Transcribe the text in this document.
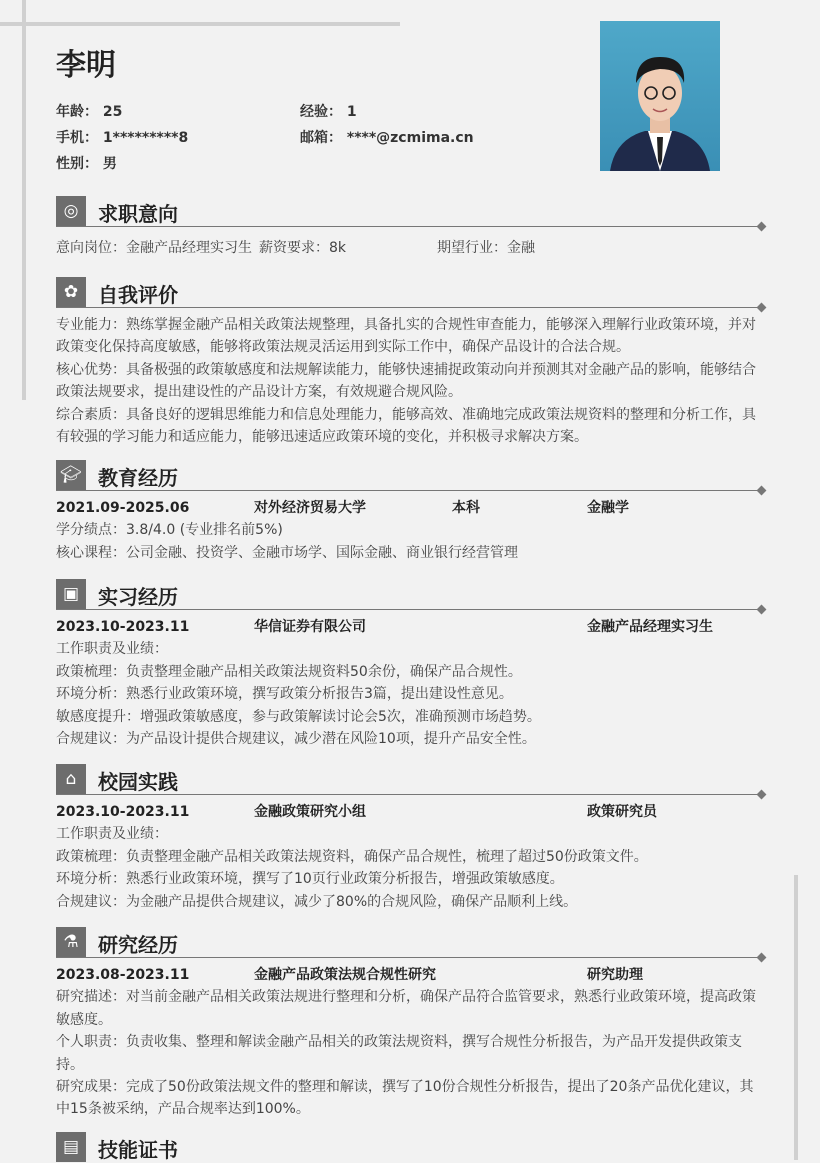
李明
年龄： 25	经验： 1
手机： 1*********8	邮箱： ****@zcmima.cn
性别： 男
◎ 求职意向
意向岗位：金融产品经理实习生 薪资要求：8k	期望行业：金融
✿ 自我评价
专业能力：熟练掌握金融产品相关政策法规整理，具备扎实的合规性审查能力，能够深入理解行业政策环境，并对政策变化保持高度敏感，能够将政策法规灵活运用到实际工作中，确保产品设计的合法合规。
核心优势：具备极强的政策敏感度和法规解读能力，能够快速捕捉政策动向并预测其对金融产品的影响，能够结合政策法规要求，提出建设性的产品设计方案，有效规避合规风险。
综合素质：具备良好的逻辑思维能力和信息处理能力，能够高效、准确地完成政策法规资料的整理和分析工作，具有较强的学习能力和适应能力，能够迅速适应政策环境的变化，并积极寻求解决方案。
🎓︎ 教育经历
2021.09-2025.06	对外经济贸易大学	本科	金融学
学分绩点：3.8/4.0 (专业排名前5%)
核心课程：公司金融、投资学、金融市场学、国际金融、商业银行经营管理
▣ 实习经历
2023.10-2023.11	华信证券有限公司	金融产品经理实习生
工作职责及业绩：
政策梳理：负责整理金融产品相关政策法规资料50余份，确保产品合规性。
环境分析：熟悉行业政策环境，撰写政策分析报告3篇，提出建设性意见。
敏感度提升：增强政策敏感度，参与政策解读讨论会5次，准确预测市场趋势。
合规建议：为产品设计提供合规建议，减少潜在风险10项，提升产品安全性。
⌂	校园实践
2023.10-2023.11	金融政策研究小组	政策研究员
工作职责及业绩：
政策梳理：负责整理金融产品相关政策法规资料，确保产品合规性，梳理了超过50份政策文件。
环境分析：熟悉行业政策环境，撰写了10页行业政策分析报告，增强政策敏感度。
合规建议：为金融产品提供合规建议，减少了80%的合规风险，确保产品顺利上线。
⚗ 研究经历
2023.08-2023.11	金融产品政策法规合规性研究	研究助理
研究描述：对当前金融产品相关政策法规进行整理和分析，确保产品符合监管要求，熟悉行业政策环境，提高政策敏感度。
个人职责：负责收集、整理和解读金融产品相关的政策法规资料，撰写合规性分析报告，为产品开发提供政策支持。
研究成果：完成了50份政策法规文件的整理和解读，撰写了10份合规性分析报告，提出了20条产品优化建议，其中15条被采纳，产品合规率达到100%。
▤ 技能证书
